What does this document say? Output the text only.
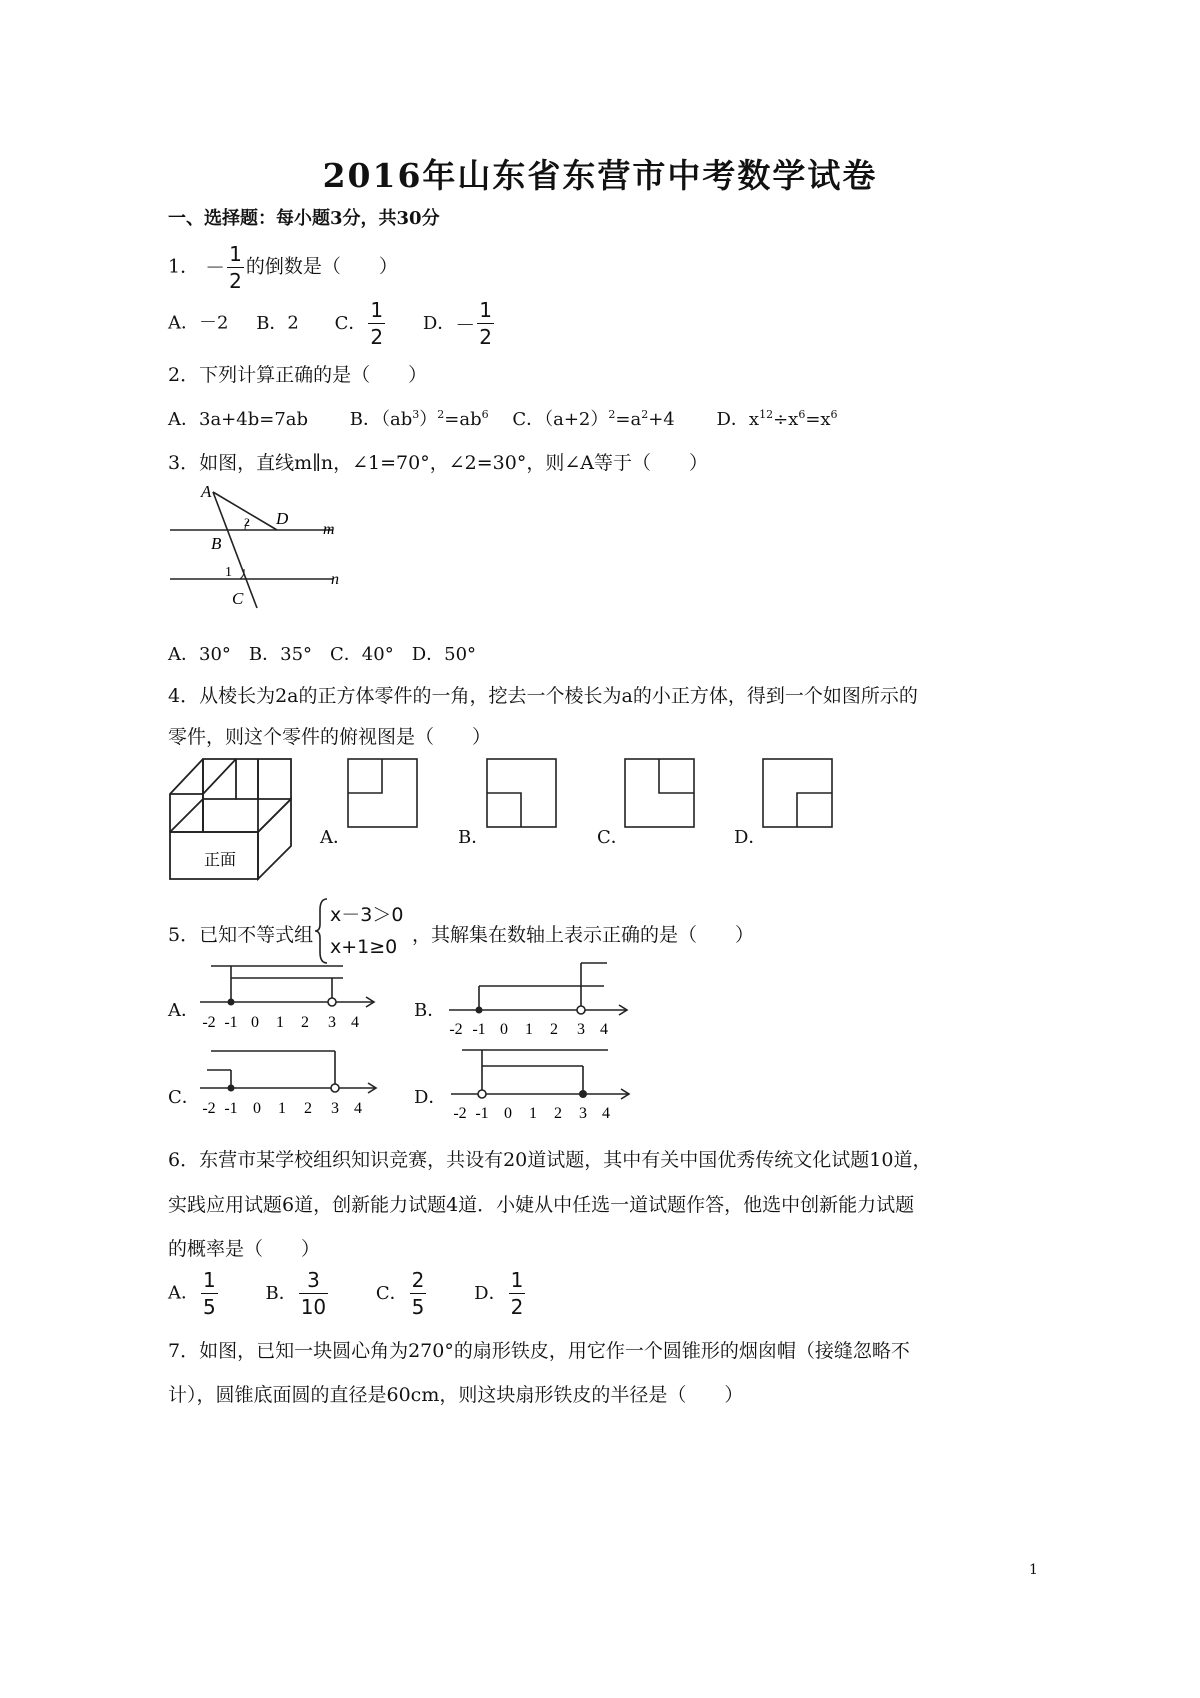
2016年山东省东营市中考数学试卷
一、选择题：每小题3分，共30分
1． － $\frac{1}{2}$ 的倒数是（　　）
A．－2 B．2 C． $\frac{1}{2}$ D．－ $\frac{1}{2}$
2．下列计算正确的是（　　）
A．3a+4b=7ab B．$(ab^3)^2=ab^6$ C．$(a+2)^2=a^2+4$ D．$x^{12}\div x^6=x^6$
3．如图，直线m∥n，∠1=70°，∠2=30°，则∠A等于（　　）
A
B
C
D
m
n
1
2
A．30°　B．35°　C．40°　D．50°
4．从棱长为2a的正方体零件的一角，挖去一个棱长为a的小正方体，得到一个如图所示的
零件，则这个零件的俯视图是（　　）
正面
A．	B．	C．	D．
5．已知不等式组
x－3＞0
x+1≥0
，其解集在数轴上表示正确的是（　　）
A．
-2 -1 0 1 2 3 4
B．
-2 -1 0 1 2 3 4
C．
-2 -1 0 1 2 3 4
D．
-2 -1 0 1 2 3 4
6．东营市某学校组织知识竞赛，共设有20道试题，其中有关中国优秀传统文化试题10道，
实践应用试题6道，创新能力试题4道．小婕从中任选一道试题作答，他选中创新能力试题
的概率是（　　）
A． $\frac{1}{5}$	B． $\frac{3}{10}$	C． $\frac{2}{5}$	D． $\frac{1}{2}$
7．如图，已知一块圆心角为270°的扇形铁皮，用它作一个圆锥形的烟囱帽（接缝忽略不
计），圆锥底面圆的直径是60cm，则这块扇形铁皮的半径是（　　）
1
